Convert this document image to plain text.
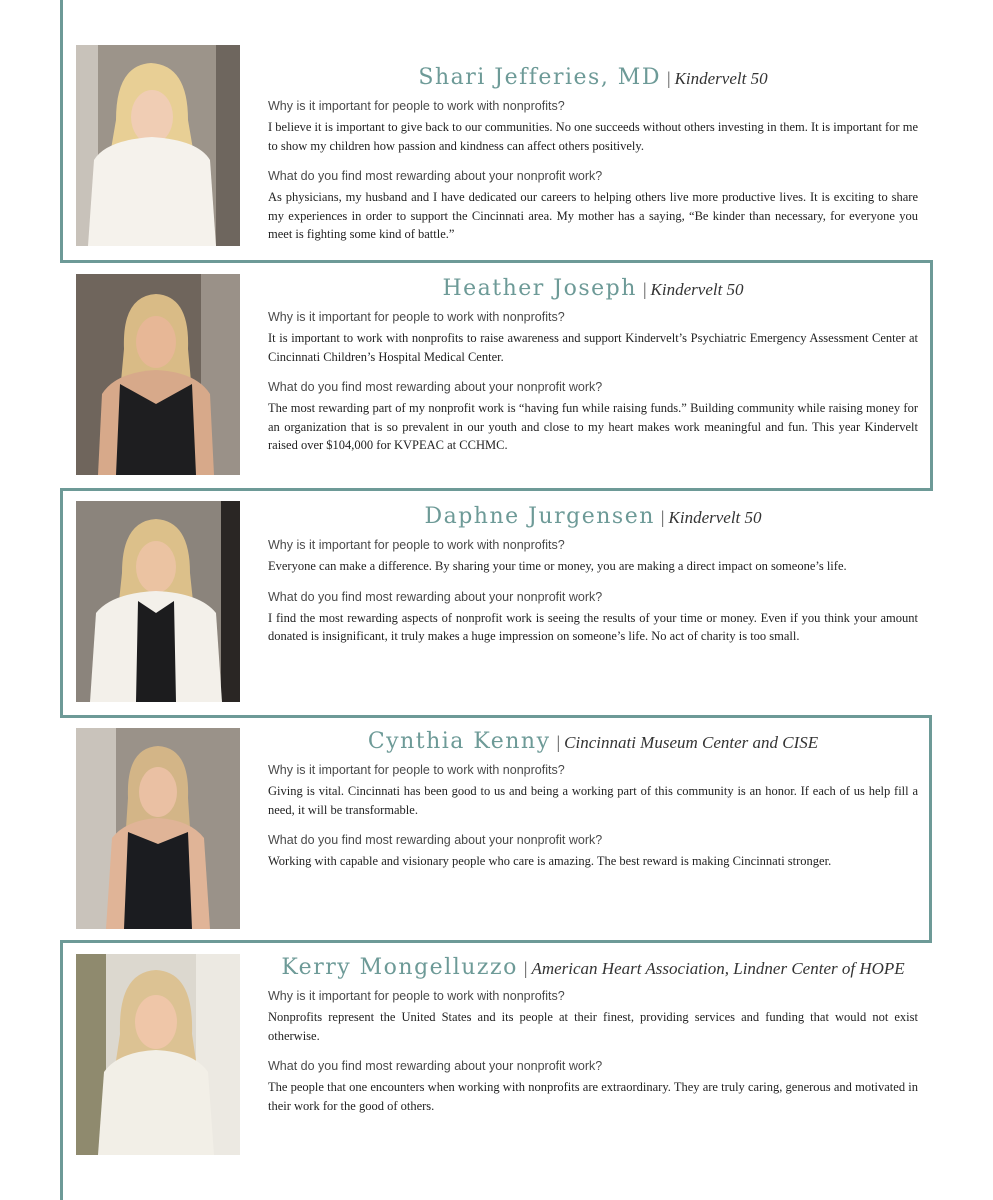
Shari Jefferies, MD | Kindervelt 50
Why is it important for people to work with nonprofits?
I believe it is important to give back to our communities. No one succeeds without others investing in them. It is important for me to show my children how passion and kindness can affect others positively.
What do you find most rewarding about your nonprofit work?
As physicians, my husband and I have dedicated our careers to helping others live more productive lives. It is exciting to share my experiences in order to support the Cincinnati area. My mother has a saying, “Be kinder than necessary, for everyone you meet is fighting some kind of battle.”
Heather Joseph | Kindervelt 50
Why is it important for people to work with nonprofits?
It is important to work with nonprofits to raise awareness and support Kindervelt’s Psychiatric Emergency Assessment Center at Cincinnati Children’s Hospital Medical Center.
What do you find most rewarding about your nonprofit work?
The most rewarding part of my nonprofit work is “having fun while raising funds.” Building community while raising money for an organization that is so prevalent in our youth and close to my heart makes work meaningful and fun. This year Kindervelt raised over $104,000 for KVPEAC at CCHMC.
Daphne Jurgensen | Kindervelt 50
Why is it important for people to work with nonprofits?
Everyone can make a difference. By sharing your time or money, you are making a direct impact on someone’s life.
What do you find most rewarding about your nonprofit work?
I find the most rewarding aspects of nonprofit work is seeing the results of your time or money. Even if you think your amount donated is insignificant, it truly makes a huge impression on someone’s life. No act of charity is too small.
Cynthia Kenny | Cincinnati Museum Center and CISE
Why is it important for people to work with nonprofits?
Giving is vital. Cincinnati has been good to us and being a working part of this community is an honor. If each of us help fill a need, it will be transformable.
What do you find most rewarding about your nonprofit work?
Working with capable and visionary people who care is amazing. The best reward is making Cincinnati stronger.
Kerry Mongelluzzo | American Heart Association, Lindner Center of HOPE
Why is it important for people to work with nonprofits?
Nonprofits represent the United States and its people at their finest, providing services and funding that would not exist otherwise.
What do you find most rewarding about your nonprofit work?
The people that one encounters when working with nonprofits are extraordinary. They are truly caring, generous and motivated in their work for the good of others.
